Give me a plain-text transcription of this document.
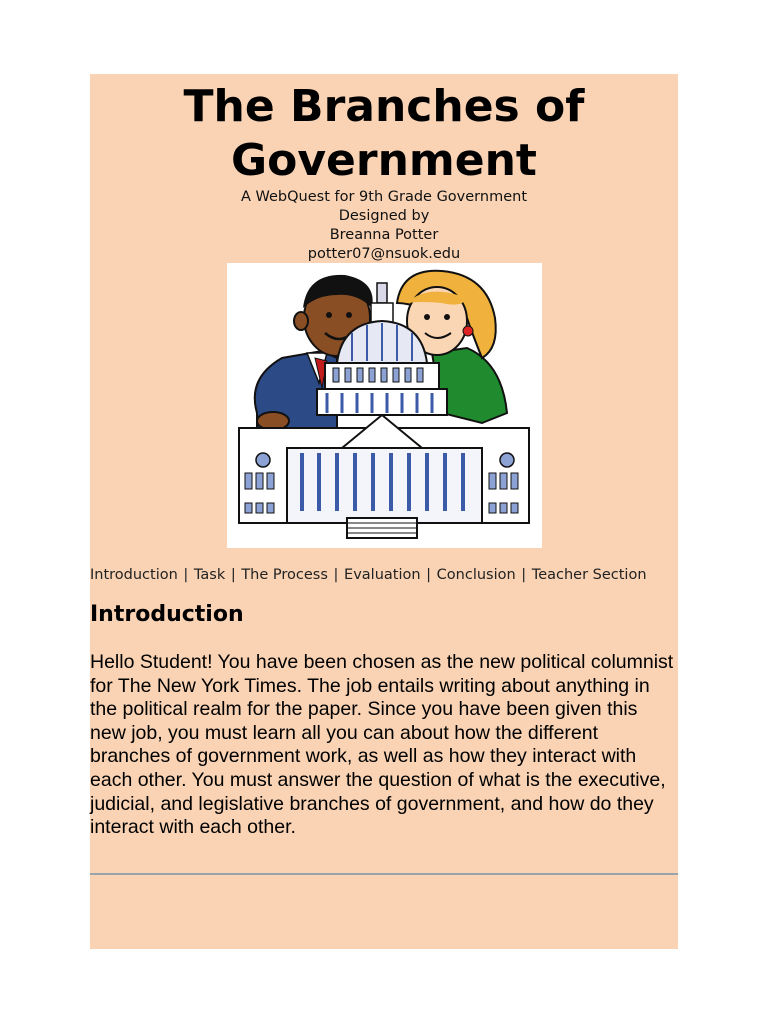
The Branches of Government
A WebQuest for 9th Grade Government
Designed by
Breanna Potter
potter07@nsuok.edu
Introduction | Task | The Process | Evaluation | Conclusion | Teacher Section
Introduction

Hello Student! You have been chosen as the new political columnist for The New York Times. The job entails writing about anything in the political realm for the paper. Since you have been given this new job, you must learn all you can about how the different branches of government work, as well as how they interact with each other. You must answer the question of what is the executive, judicial, and legislative branches of government, and how do they interact with each other.
